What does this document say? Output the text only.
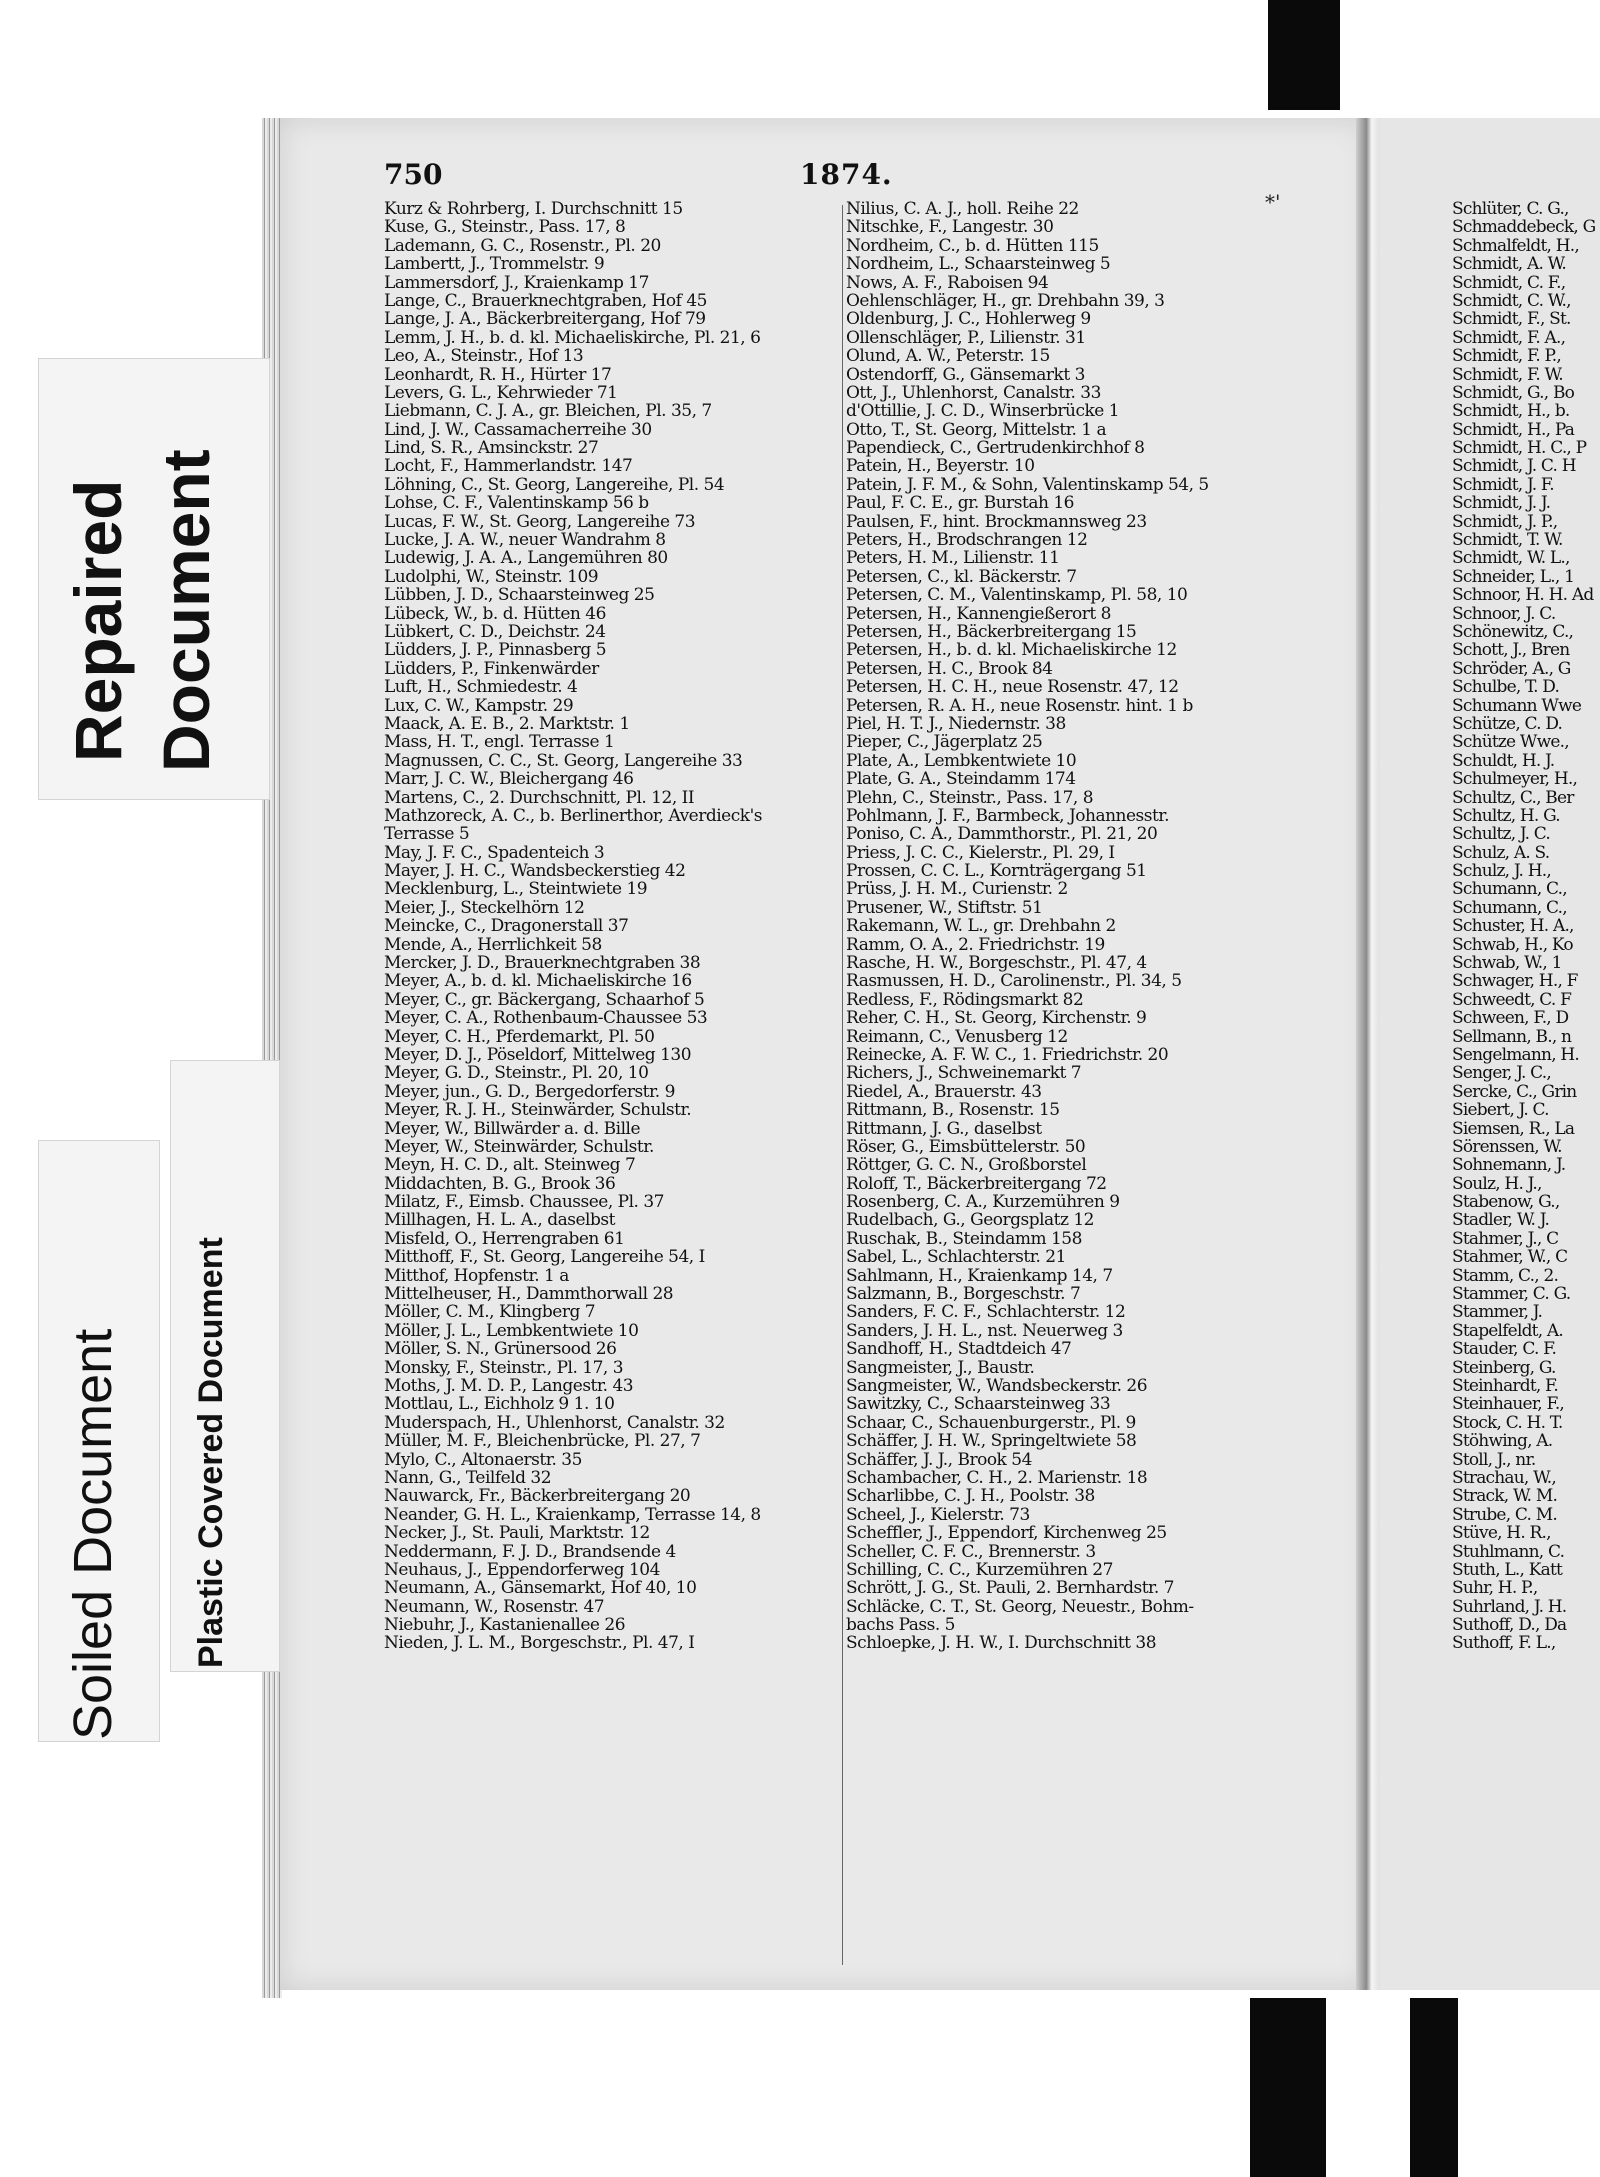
Repaired Document
Plastic Covered Document
Soiled Document
750	1874.
*'
Kurz & Rohrberg, I. Durchschnitt 15
Kuse, G., Steinstr., Pass. 17, 8
Lademann, G. C., Rosenstr., Pl. 20
Lambertt, J., Trommelstr. 9
Lammersdorf, J., Kraienkamp 17
Lange, C., Brauerknechtgraben, Hof 45
Lange, J. A., Bäckerbreitergang, Hof 79
Lemm, J. H., b. d. kl. Michaeliskirche, Pl. 21, 6
Leo, A., Steinstr., Hof 13
Leonhardt, R. H., Hürter 17
Levers, G. L., Kehrwieder 71
Liebmann, C. J. A., gr. Bleichen, Pl. 35, 7
Lind, J. W., Cassamacherreihe 30
Lind, S. R., Amsinckstr. 27
Locht, F., Hammerlandstr. 147
Löhning, C., St. Georg, Langereihe, Pl. 54
Lohse, C. F., Valentinskamp 56 b
Lucas, F. W., St. Georg, Langereihe 73
Lucke, J. A. W., neuer Wandrahm 8
Ludewig, J. A. A., Langemühren 80
Ludolphi, W., Steinstr. 109
Lübben, J. D., Schaarsteinweg 25
Lübeck, W., b. d. Hütten 46
Lübkert, C. D., Deichstr. 24
Lüdders, J. P., Pinnasberg 5
Lüdders, P., Finkenwärder
Luft, H., Schmiedestr. 4
Lux, C. W., Kampstr. 29
Maack, A. E. B., 2. Marktstr. 1
Mass, H. T., engl. Terrasse 1
Magnussen, C. C., St. Georg, Langereihe 33
Marr, J. C. W., Bleichergang 46
Martens, C., 2. Durchschnitt, Pl. 12, II
Mathzoreck, A. C., b. Berlinerthor, Averdieck's
Terrasse 5
May, J. F. C., Spadenteich 3
Mayer, J. H. C., Wandsbeckerstieg 42
Mecklenburg, L., Steintwiete 19
Meier, J., Steckelhörn 12
Meincke, C., Dragonerstall 37
Mende, A., Herrlichkeit 58
Mercker, J. D., Brauerknechtgraben 38
Meyer, A., b. d. kl. Michaeliskirche 16
Meyer, C., gr. Bäckergang, Schaarhof 5
Meyer, C. A., Rothenbaum-Chaussee 53
Meyer, C. H., Pferdemarkt, Pl. 50
Meyer, D. J., Pöseldorf, Mittelweg 130
Meyer, G. D., Steinstr., Pl. 20, 10
Meyer, jun., G. D., Bergedorferstr. 9
Meyer, R. J. H., Steinwärder, Schulstr.
Meyer, W., Billwärder a. d. Bille
Meyer, W., Steinwärder, Schulstr.
Meyn, H. C. D., alt. Steinweg 7
Middachten, B. G., Brook 36
Milatz, F., Eimsb. Chaussee, Pl. 37
Millhagen, H. L. A., daselbst
Misfeld, O., Herrengraben 61
Mitthoff, F., St. Georg, Langereihe 54, I
Mitthof, Hopfenstr. 1 a
Mittelheuser, H., Dammthorwall 28
Möller, C. M., Klingberg 7
Möller, J. L., Lembkentwiete 10
Möller, S. N., Grünersood 26
Monsky, F., Steinstr., Pl. 17, 3
Moths, J. M. D. P., Langestr. 43
Mottlau, L., Eichholz 9 1. 10
Muderspach, H., Uhlenhorst, Canalstr. 32
Müller, M. F., Bleichenbrücke, Pl. 27, 7
Mylo, C., Altonaerstr. 35
Nann, G., Teilfeld 32
Nauwarck, Fr., Bäckerbreitergang 20
Neander, G. H. L., Kraienkamp, Terrasse 14, 8
Necker, J., St. Pauli, Marktstr. 12
Neddermann, F. J. D., Brandsende 4
Neuhaus, J., Eppendorferweg 104
Neumann, A., Gänsemarkt, Hof 40, 10
Neumann, W., Rosenstr. 47
Niebuhr, J., Kastanienallee 26
Nieden, J. L. M., Borgeschstr., Pl. 47, I
Nilius, C. A. J., holl. Reihe 22
Nitschke, F., Langestr. 30
Nordheim, C., b. d. Hütten 115
Nordheim, L., Schaarsteinweg 5
Nows, A. F., Raboisen 94
Oehlenschläger, H., gr. Drehbahn 39, 3
Oldenburg, J. C., Hohlerweg 9
Ollenschläger, P., Lilienstr. 31
Olund, A. W., Peterstr. 15
Ostendorff, G., Gänsemarkt 3
Ott, J., Uhlenhorst, Canalstr. 33
d'Ottillie, J. C. D., Winserbrücke 1
Otto, T., St. Georg, Mittelstr. 1 a
Papendieck, C., Gertrudenkirchhof 8
Patein, H., Beyerstr. 10
Patein, J. F. M., & Sohn, Valentinskamp 54, 5
Paul, F. C. E., gr. Burstah 16
Paulsen, F., hint. Brockmannsweg 23
Peters, H., Brodschrangen 12
Peters, H. M., Lilienstr. 11
Petersen, C., kl. Bäckerstr. 7
Petersen, C. M., Valentinskamp, Pl. 58, 10
Petersen, H., Kannengießerort 8
Petersen, H., Bäckerbreitergang 15
Petersen, H., b. d. kl. Michaeliskirche 12
Petersen, H. C., Brook 84
Petersen, H. C. H., neue Rosenstr. 47, 12
Petersen, R. A. H., neue Rosenstr. hint. 1 b
Piel, H. T. J., Niedernstr. 38
Pieper, C., Jägerplatz 25
Plate, A., Lembkentwiete 10
Plate, G. A., Steindamm 174
Plehn, C., Steinstr., Pass. 17, 8
Pohlmann, J. F., Barmbeck, Johannesstr.
Poniso, C. A., Dammthorstr., Pl. 21, 20
Priess, J. C. C., Kielerstr., Pl. 29, I
Prossen, C. C. L., Kornträgergang 51
Prüss, J. H. M., Curienstr. 2
Prusener, W., Stiftstr. 51
Rakemann, W. L., gr. Drehbahn 2
Ramm, O. A., 2. Friedrichstr. 19
Rasche, H. W., Borgeschstr., Pl. 47, 4
Rasmussen, H. D., Carolinenstr., Pl. 34, 5
Redless, F., Rödingsmarkt 82
Reher, C. H., St. Georg, Kirchenstr. 9
Reimann, C., Venusberg 12
Reinecke, A. F. W. C., 1. Friedrichstr. 20
Richers, J., Schweinemarkt 7
Riedel, A., Brauerstr. 43
Rittmann, B., Rosenstr. 15
Rittmann, J. G., daselbst
Röser, G., Eimsbüttelerstr. 50
Röttger, G. C. N., Großborstel
Roloff, T., Bäckerbreitergang 72
Rosenberg, C. A., Kurzemühren 9
Rudelbach, G., Georgsplatz 12
Ruschak, B., Steindamm 158
Sabel, L., Schlachterstr. 21
Sahlmann, H., Kraienkamp 14, 7
Salzmann, B., Borgeschstr. 7
Sanders, F. C. F., Schlachterstr. 12
Sanders, J. H. L., nst. Neuerweg 3
Sandhoff, H., Stadtdeich 47
Sangmeister, J., Baustr.
Sangmeister, W., Wandsbeckerstr. 26
Sawitzky, C., Schaarsteinweg 33
Schaar, C., Schauenburgerstr., Pl. 9
Schäffer, J. H. W., Springeltwiete 58
Schäffer, J. J., Brook 54
Schambacher, C. H., 2. Marienstr. 18
Scharlibbe, C. J. H., Poolstr. 38
Scheel, J., Kielerstr. 73
Scheffler, J., Eppendorf, Kirchenweg 25
Scheller, C. F. C., Brennerstr. 3
Schilling, C. C., Kurzemühren 27
Schrött, J. G., St. Pauli, 2. Bernhardstr. 7
Schläcke, C. T., St. Georg, Neuestr., Bohm-
bachs Pass. 5
Schloepke, J. H. W., I. Durchschnitt 38
Schlüter, C. G.,
Schmaddebeck, G
Schmalfeldt, H.,
Schmidt, A. W.
Schmidt, C. F.,
Schmidt, C. W.,
Schmidt, F., St.
Schmidt, F. A.,
Schmidt, F. P.,
Schmidt, F. W.
Schmidt, G., Bo
Schmidt, H., b.
Schmidt, H., Pa
Schmidt, H. C., P
Schmidt, J. C. H
Schmidt, J. F.
Schmidt, J. J.
Schmidt, J. P.,
Schmidt, T. W.
Schmidt, W. L.,
Schneider, L., 1
Schnoor, H. H. Ad
Schnoor, J. C.
Schönewitz, C.,
Schott, J., Bren
Schröder, A., G
Schulbe, T. D.
Schumann Wwe
Schütze, C. D.
Schütze Wwe.,
Schuldt, H. J.
Schulmeyer, H.,
Schultz, C., Ber
Schultz, H. G.
Schultz, J. C.
Schulz, A. S.
Schulz, J. H.,
Schumann, C.,
Schumann, C.,
Schuster, H. A.,
Schwab, H., Ko
Schwab, W., 1
Schwager, H., F
Schweedt, C. F
Schween, F., D
Sellmann, B., n
Sengelmann, H.
Senger, J. C.,
Sercke, C., Grin
Siebert, J. C.
Siemsen, R., La
Sörenssen, W.
Sohnemann, J.
Soulz, H. J.,
Stabenow, G.,
Stadler, W. J.
Stahmer, J., C
Stahmer, W., C
Stamm, C., 2.
Stammer, C. G.
Stammer, J.
Stapelfeldt, A.
Stauder, C. F.
Steinberg, G.
Steinhardt, F.
Steinhauer, F.,
Stock, C. H. T.
Stöhwing, A.
Stoll, J., nr.
Strachau, W.,
Strack, W. M.
Strube, C. M.
Stüve, H. R.,
Stuhlmann, C.
Stuth, L., Katt
Suhr, H. P.,
Suhrland, J. H.
Suthoff, D., Da
Suthoff, F. L.,
